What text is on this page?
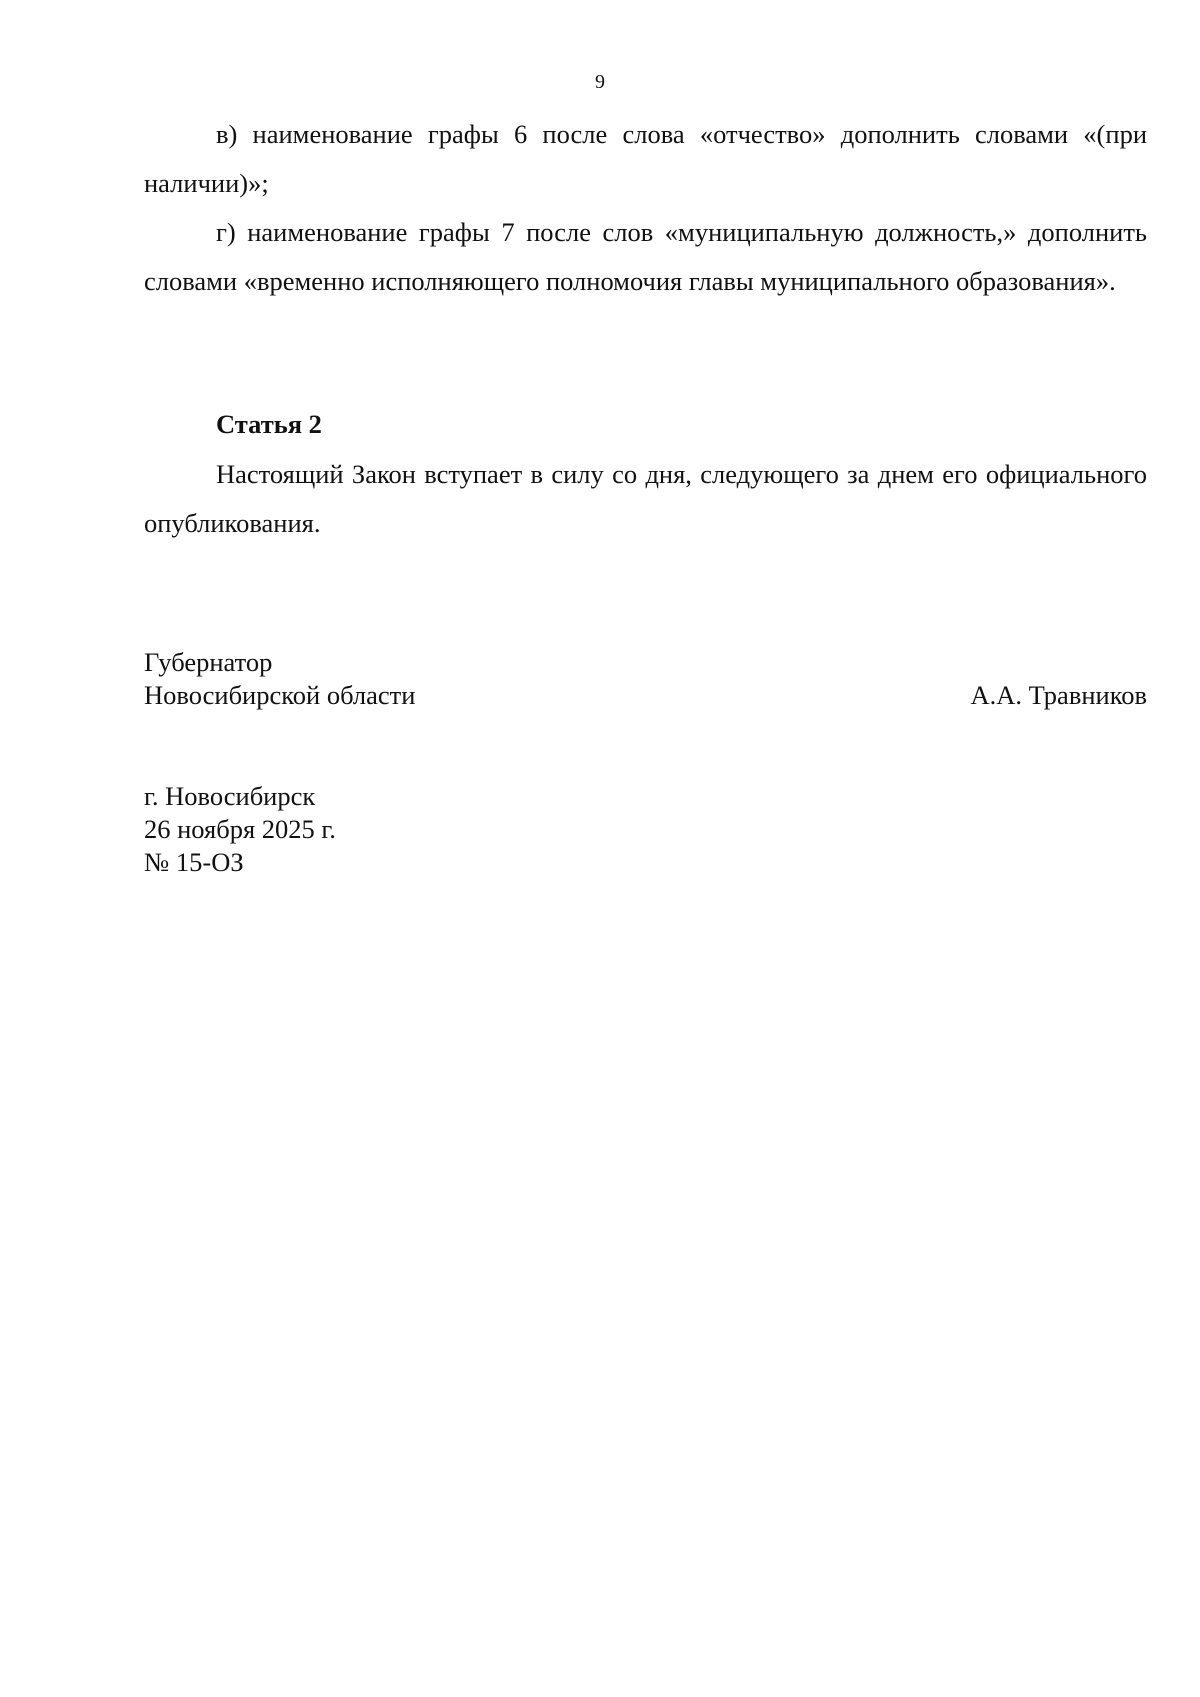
9

в) наименование графы 6 после слова «отчество» дополнить словами «(при наличии)»;

г) наименование графы 7 после слов «муниципальную должность,» дополнить словами «временно исполняющего полномочия главы муниципального образования».

Статья 2

Настоящий Закон вступает в силу со дня, следующего за днем его официального опубликования.

Губернатор
Новосибирской области	А.А. Травников
г. Новосибирск
26 ноября 2025 г.
№ 15-ОЗ
